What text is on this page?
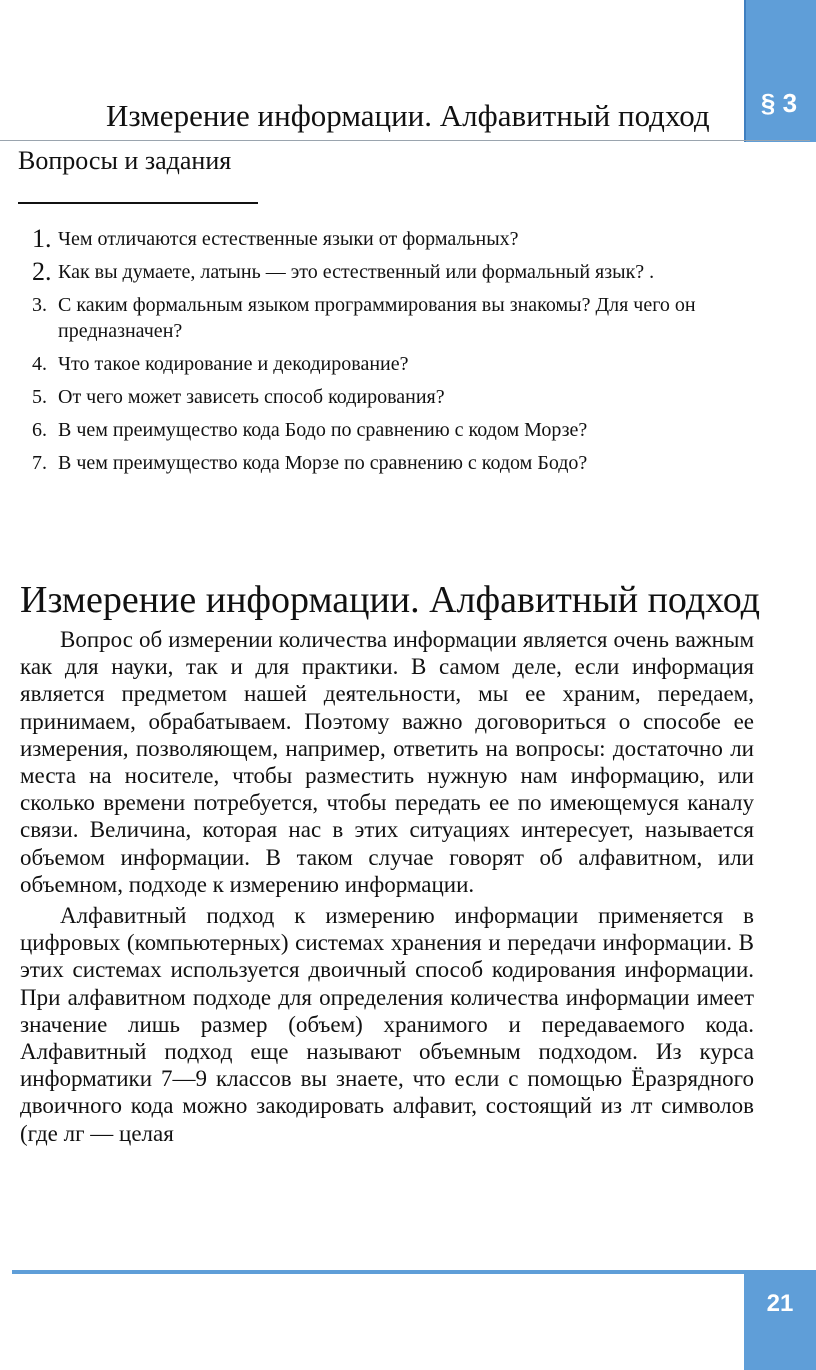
§ 3
Измерение информации. Алфавитный подход
Вопросы и задания
1. Чем отличаются естественные языки от формальных?
2. Как вы думаете, латынь — это естественный или формальный язык? .
3. С каким формальным языком программирования вы знакомы? Для чего он предназначен?
4. Что такое кодирование и декодирование?
5. От чего может зависеть способ кодирования?
6. В чем преимущество кода Бодо по сравнению с кодом Морзе?
7. В чем преимущество кода Морзе по сравнению с кодом Бодо?
Измерение информации. Алфавитный подход

Вопрос об измерении количества информации является очень важным как для науки, так и для практики. В самом деле, если информация является предметом нашей деятельности, мы ее храним, передаем, принимаем, обрабатываем. Поэтому важно договориться о способе ее измерения, позволяющем, например, ответить на вопросы: достаточно ли места на носителе, чтобы разместить нужную нам информацию, или сколько времени потребуется, чтобы передать ее по имеющемуся каналу связи. Величина, которая нас в этих ситуациях интересует, называется объемом информации. В таком случае говорят об алфавитном, или объемном, подходе к измерению информации.

Алфавитный подход к измерению информации применяется в цифровых (компьютерных) системах хранения и передачи информации. В этих системах используется двоичный способ кодирования информации. При алфавитном подходе для определения количества информации имеет значение лишь размер (объем) хранимого и передаваемого кода. Алфавитный подход еще называют объемным подходом. Из курса информатики 7—9 классов вы знаете, что если с помощью Ёразрядного двоичного кода можно закодировать алфавит, состоящий из лт символов (где лг — целая

21
